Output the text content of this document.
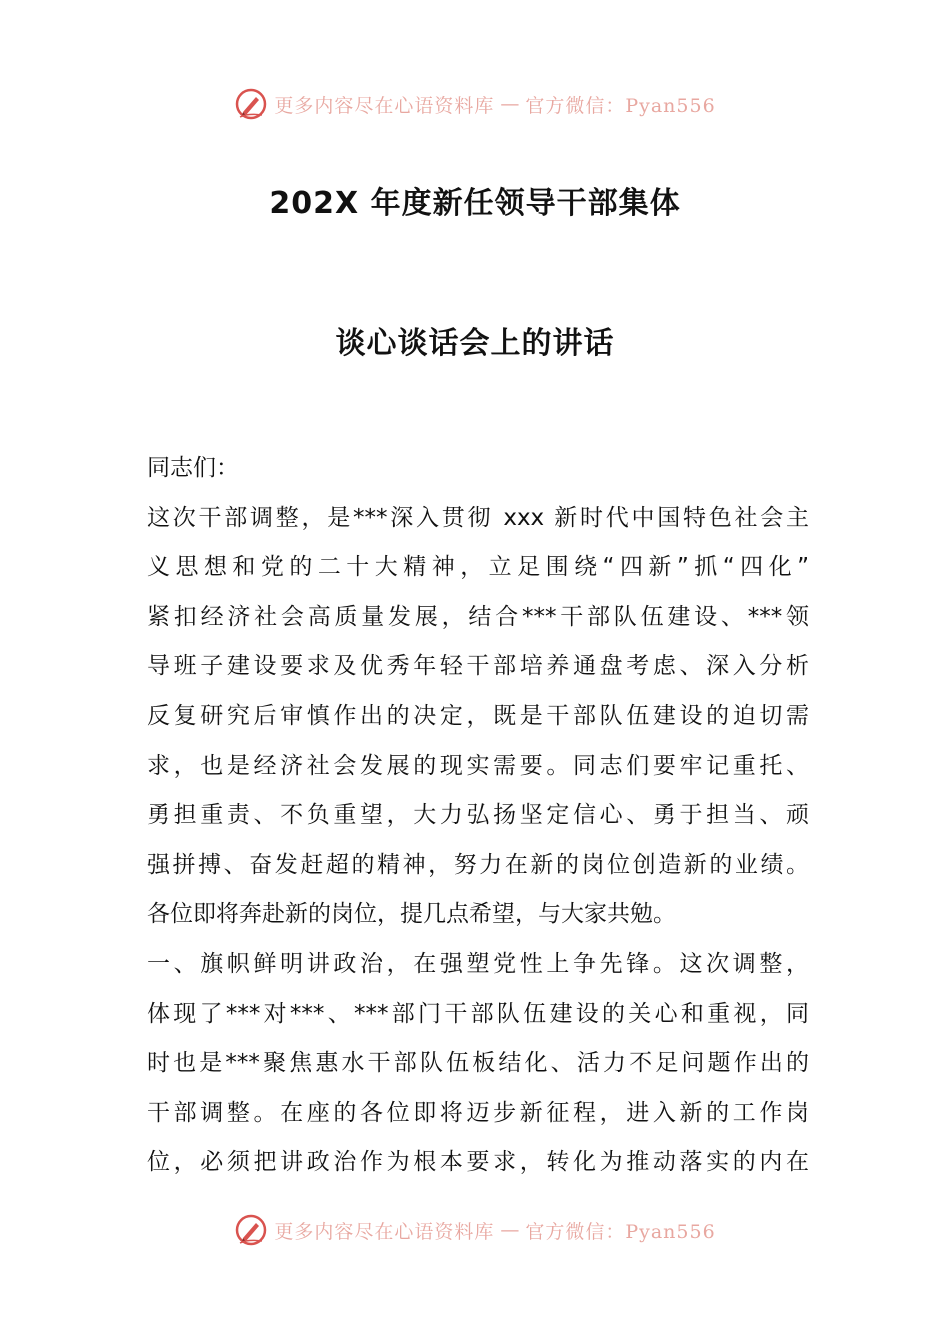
更多内容尽在心语资料库 — 官方微信：Pyan556
202X 年度新任领导干部集体
谈心谈话会上的讲话
同志们：
这次干部调整，是***深入贯彻 xxx 新时代中国特色社会主
义思想和党的二十大精神，立足围绕“四新”抓“四化”
紧扣经济社会高质量发展，结合***干部队伍建设、***领
导班子建设要求及优秀年轻干部培养通盘考虑、深入分析
反复研究后审慎作出的决定，既是干部队伍建设的迫切需
求，也是经济社会发展的现实需要。同志们要牢记重托、
勇担重责、不负重望，大力弘扬坚定信心、勇于担当、顽
强拼搏、奋发赶超的精神，努力在新的岗位创造新的业绩。
各位即将奔赴新的岗位，提几点希望，与大家共勉。
一、旗帜鲜明讲政治，在强塑党性上争先锋。这次调整，
体现了***对***、***部门干部队伍建设的关心和重视，同
时也是***聚焦惠水干部队伍板结化、活力不足问题作出的
干部调整。在座的各位即将迈步新征程，进入新的工作岗
位，必须把讲政治作为根本要求，转化为推动落实的内在
更多内容尽在心语资料库 — 官方微信：Pyan556
